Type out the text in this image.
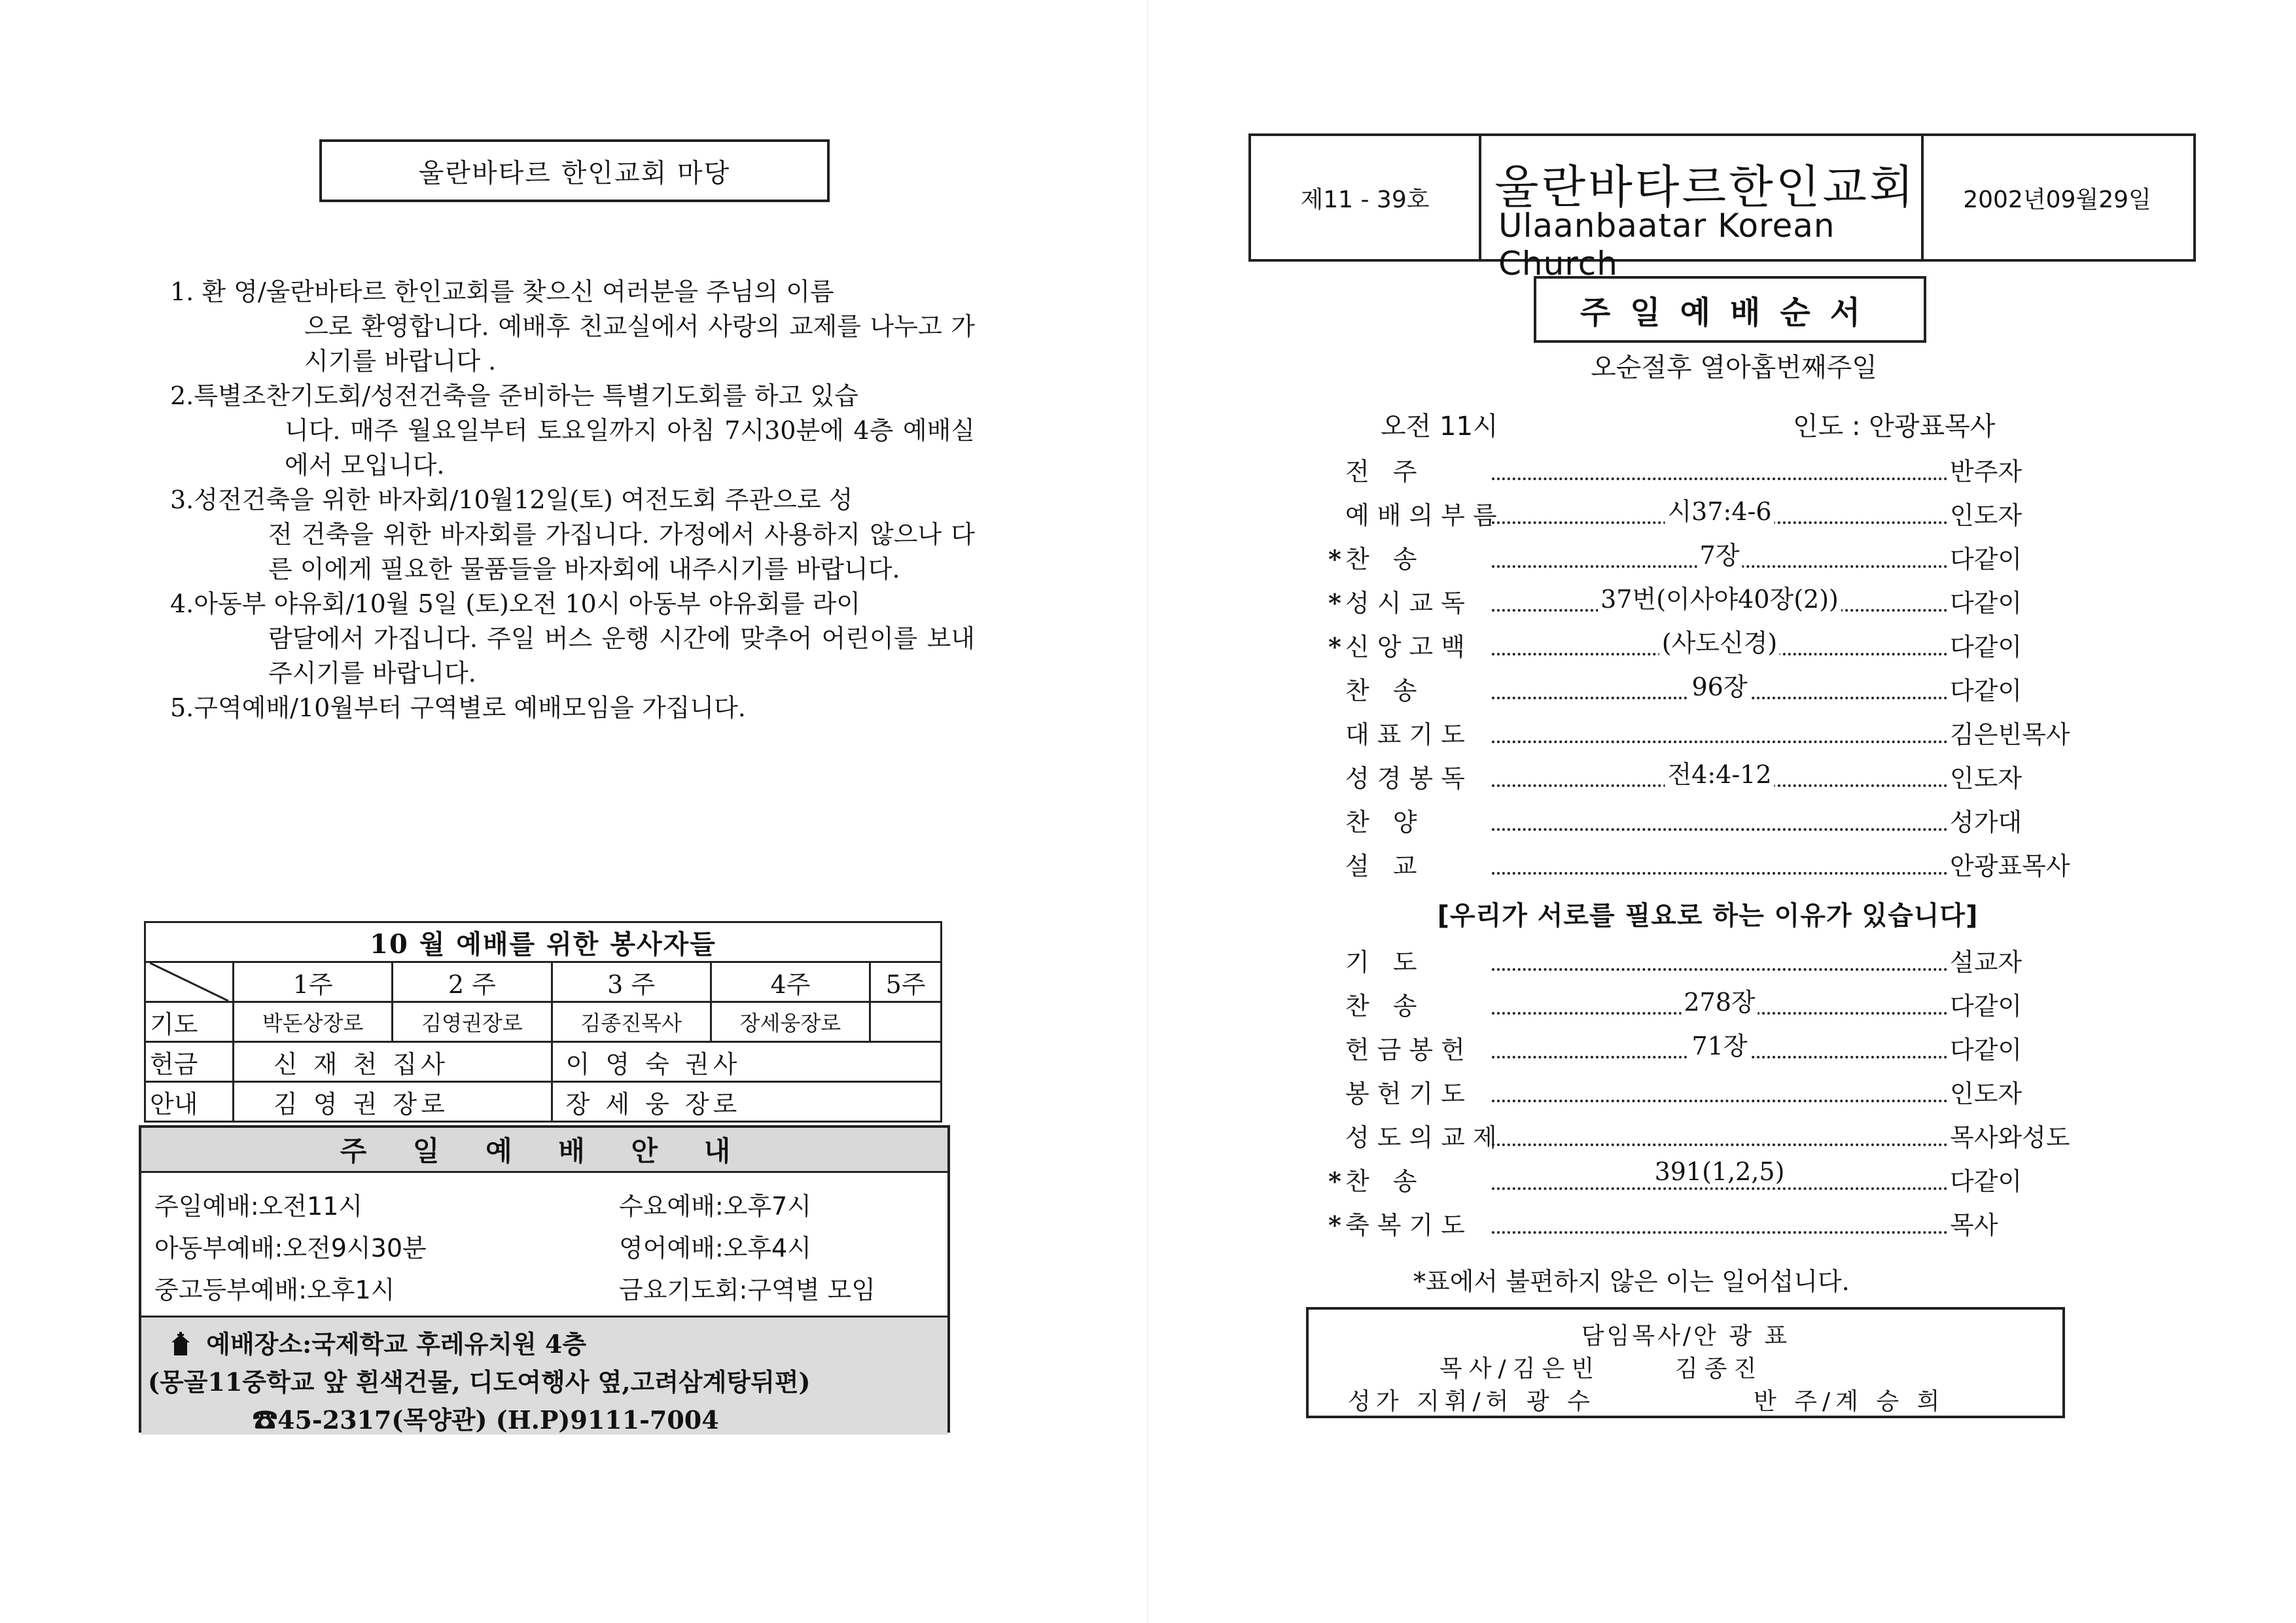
울란바타르 한인교회 마당
1. 환 영/울란바타르 한인교회를 찾으신 여러분을 주님의 이름
으로 환영합니다. 예배후 친교실에서 사랑의 교제를 나누고 가시기를 바랍니다 .
2.특별조찬기도회/성전건축을 준비하는 특별기도회를 하고 있습
니다. 매주 월요일부터 토요일까지 아침 7시30분에 4층 예배실에서 모입니다.
3.성전건축을 위한 바자회/10월12일(토) 여전도회 주관으로 성
전 건축을 위한 바자회를 가집니다. 가정에서 사용하지 않으나 다른 이에게 필요한 물품들을 바자회에 내주시기를 바랍니다.
4.아동부 야유회/10월 5일 (토)오전 10시 아동부 야유회를 라이
람달에서 가집니다. 주일 버스 운행 시간에 맞추어 어린이를 보내주시기를 바랍니다.
5.구역예배/10월부터 구역별로 예배모임을 가집니다.
10 월 예배를 위한 봉사자들					

	1주	2 주	3 주	4주	5주
기도	박돈상장로	김영권장로	김종진목사	장세웅장로	
헌금	신 재 천 집사		이 영 숙 권사		
안내	김 영 권 장로		장 세 웅 장로		
주 일 예 배 안 내
주일예배:오전11시	수요예배:오후7시
아동부예배:오전9시30분	영어예배:오후4시
중고등부예배:오후1시	금요기도회:구역별 모임
예배장소:국제학교 후레유치원 4층
(몽골11중학교 앞 흰색건물, 디도여행사 옆,고려삼계탕뒤편)
☎45-2317(목양관) (H.P)9111-7004
제11 - 39호	울란바타르한인교회
Ulaanbaatar Korean Church
2002년09월29일
주일예배순서
오순절후 열아홉번째주일
오전 11시	인도 : 안광표목사
전 주	반주자
예배의부름	시37:4-6	인도자
* 찬 송	7장	다같이
* 성시교독	37번(이사야40장(2))	다같이
* 신앙고백	(사도신경)	다같이
찬 송	96장	다같이
대표기도	김은빈목사
성경봉독	전4:4-12	인도자
찬 양	성가대
설 교	안광표목사
[우리가 서로를 필요로 하는 이유가 있습니다]
기 도	설교자
찬 송	278장	다같이
헌금봉헌	71장	다같이
봉헌기도	인도자
성도의교제	목사와성도
* 찬 송	391(1,2,5)	다같이
* 축복기도	목사
*표에서 불편하지 않은 이는 일어섭니다.
담임목사/안 광 표
목사/김은빈	김종진
성가 지휘/허 광 수	반 주/계 승 희
